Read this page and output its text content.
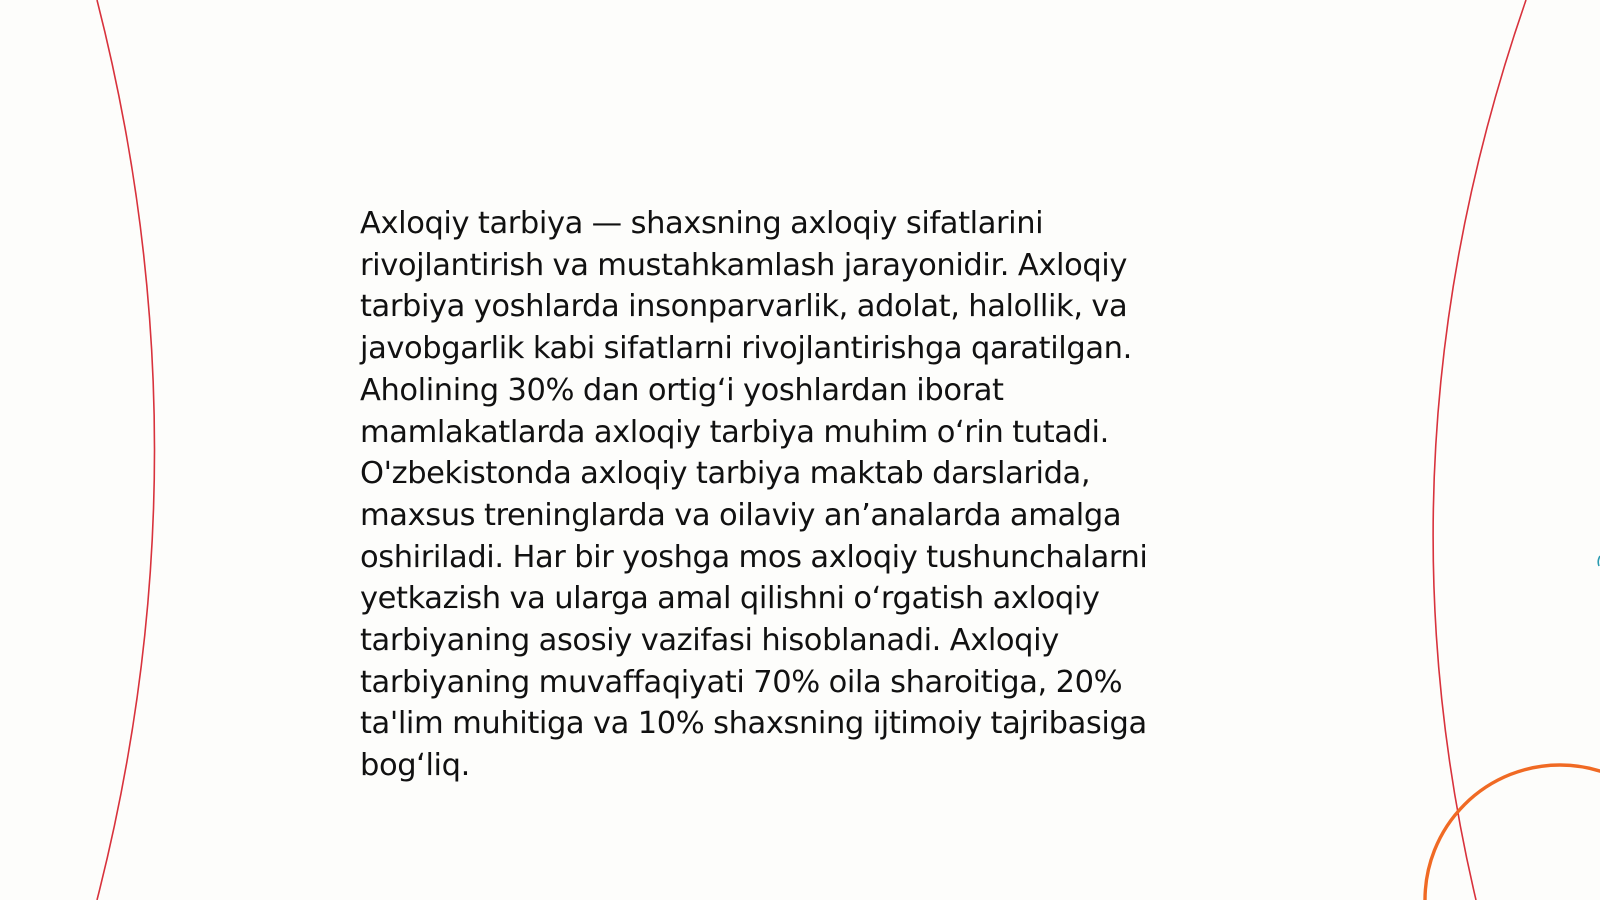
Axloqiy tarbiya — shaxsning axloqiy sifatlarini
rivojlantirish va mustahkamlash jarayonidir. Axloqiy
tarbiya yoshlarda insonparvarlik, adolat, halollik, va
javobgarlik kabi sifatlarni rivojlantirishga qaratilgan.
Aholining 30% dan ortigʻi yoshlardan iborat
mamlakatlarda axloqiy tarbiya muhim oʻrin tutadi.
O'zbekistonda axloqiy tarbiya maktab darslarida,
maxsus treninglarda va oilaviy anʼanalarda amalga
oshiriladi. Har bir yoshga mos axloqiy tushunchalarni
yetkazish va ularga amal qilishni oʻrgatish axloqiy
tarbiyaning asosiy vazifasi hisoblanadi. Axloqiy
tarbiyaning muvaffaqiyati 70% oila sharoitiga, 20%
ta'lim muhitiga va 10% shaxsning ijtimoiy tajribasiga
bogʻliq.
